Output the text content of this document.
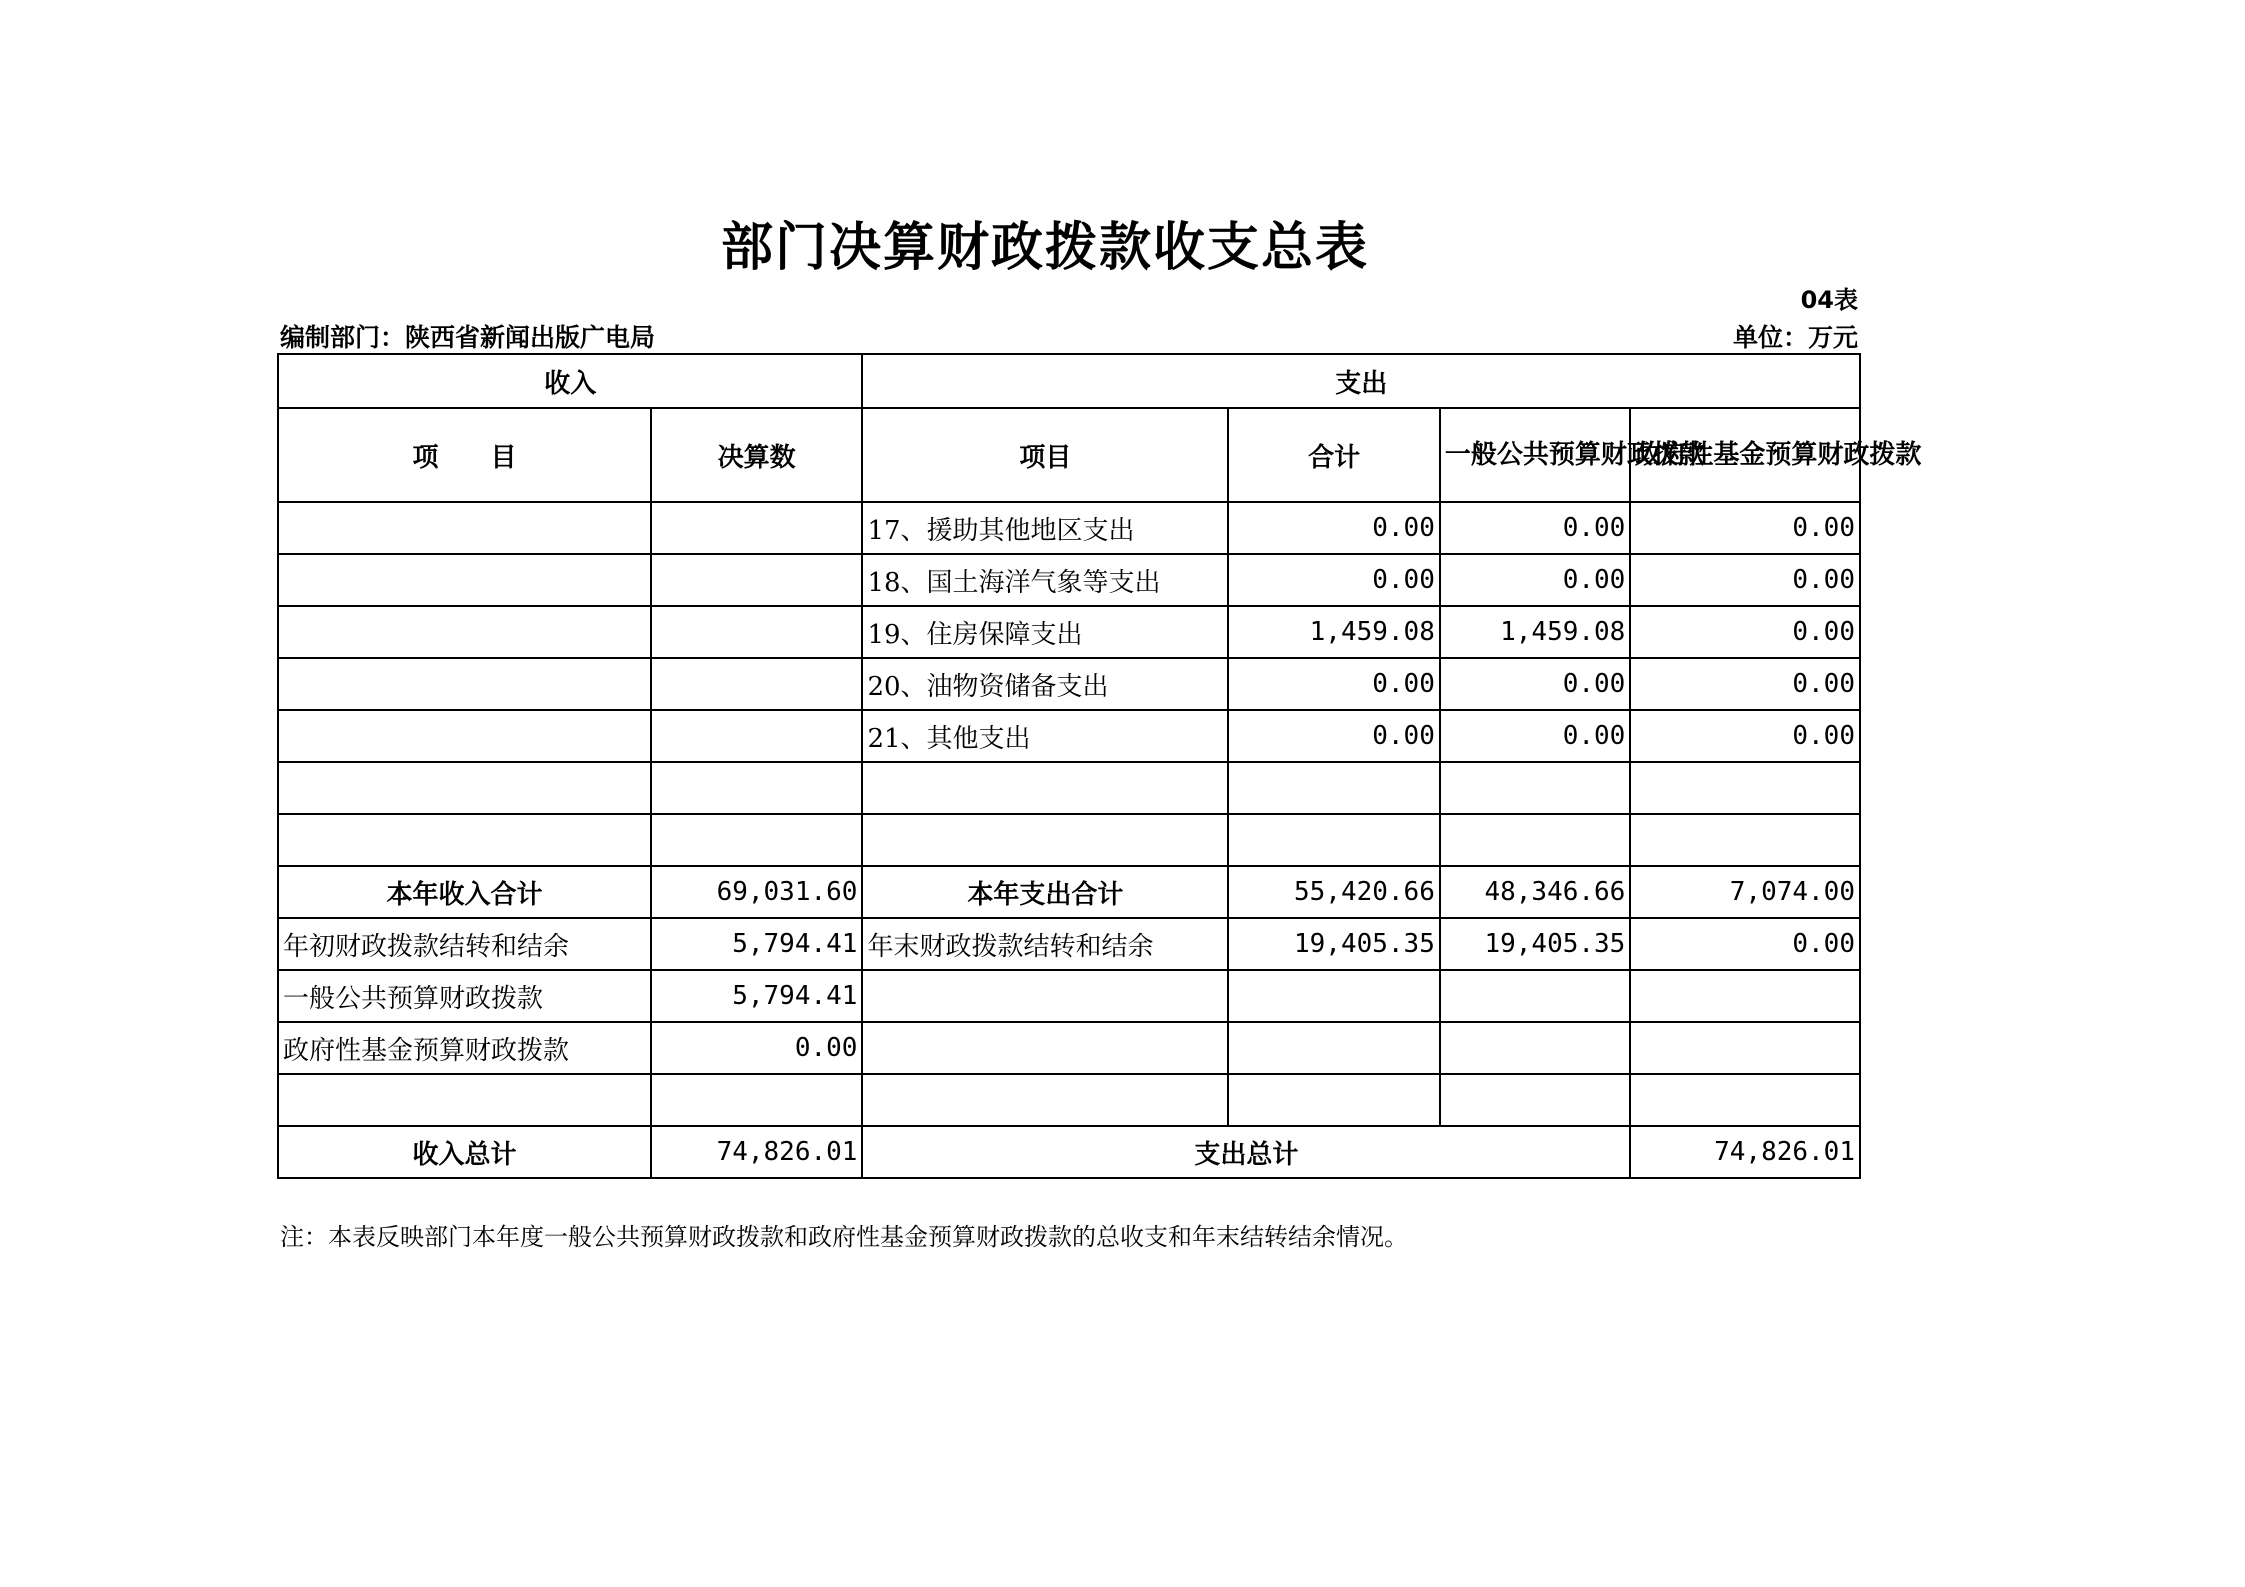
部门决算财政拨款收支总表
04表
编制部门：陕西省新闻出版广电局	单位：万元
收入		支出			
项　　目	决算数	项目	合计	一般公共预算财政拨款	政府性基金预算财政拨款
		17、援助其他地区支出	0.00	0.00	0.00
		18、国土海洋气象等支出	0.00	0.00	0.00
		19、住房保障支出	1,459.08	1,459.08	0.00
		20、油物资储备支出	0.00	0.00	0.00
		21、其他支出	0.00	0.00	0.00

本年收入合计	69,031.60	本年支出合计	55,420.66	48,346.66	7,074.00
年初财政拨款结转和结余	5,794.41	年末财政拨款结转和结余	19,405.35	19,405.35	0.00
一般公共预算财政拨款	5,794.41				
政府性基金预算财政拨款	0.00				

收入总计	74,826.01	支出总计			74,826.01
注：本表反映部门本年度一般公共预算财政拨款和政府性基金预算财政拨款的总收支和年末结转结余情况。
